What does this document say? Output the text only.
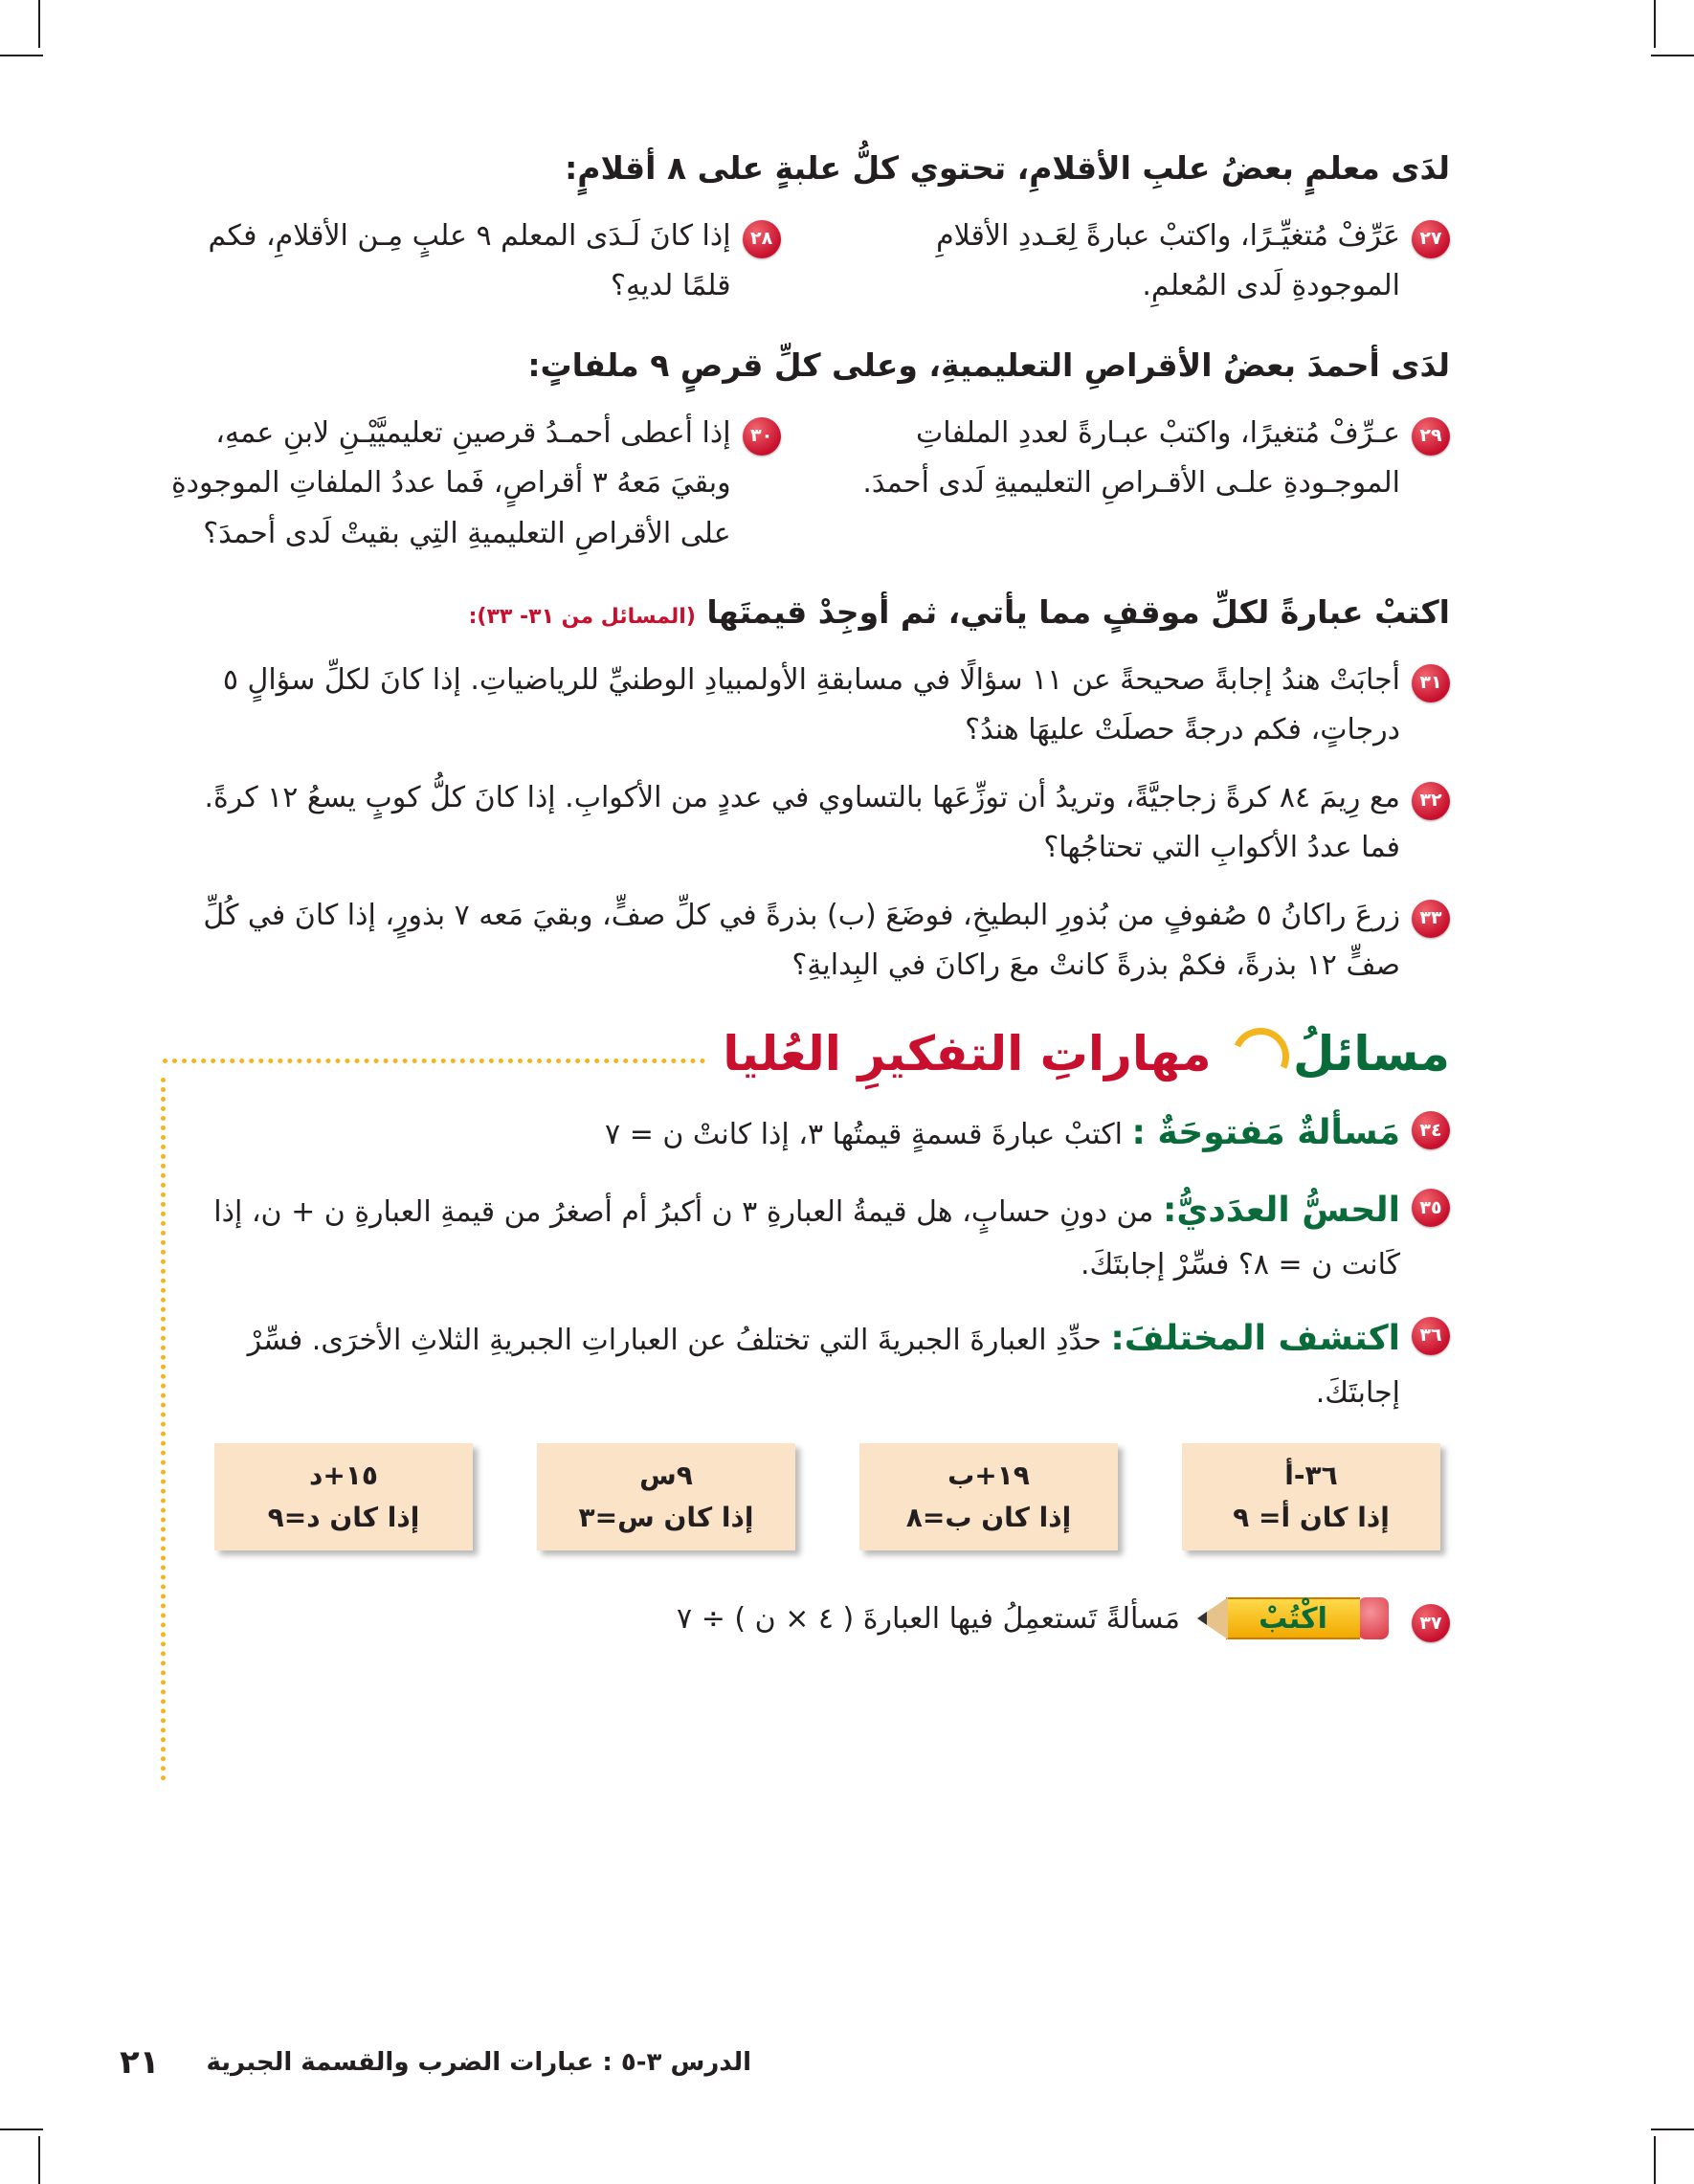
لدَى معلمٍ بعضُ علبِ الأقلامِ، تحتوي كلُّ علبةٍ على ٨ أقلامٍ:

٢٧
عَرِّفْ مُتغيِّـرًا، واكتبْ عبارةً لِعَـددِ الأقلامِ الموجودةِ لَدى المُعلمِ.
٢٨
إذا كانَ لَـدَى المعلم ٩ علبٍ مِـن الأقلامِ، فكم قلمًا لديهِ؟

لدَى أحمدَ بعضُ الأقراصِ التعليميةِ، وعلى كلِّ قرصٍ ٩ ملفاتٍ:

٢٩
عـرِّفْ مُتغيرًا، واكتبْ عبـارةً لعددِ الملفاتِ الموجـودةِ علـى الأقـراصِ التعليميةِ لَدى أحمدَ.
٣٠
إذا أعطى أحمـدُ قرصينِ تعليميَّيْـنِ لابنِ عمهِ، وبقيَ مَعهُ ٣ أقراصٍ، فَما عددُ الملفاتِ الموجودةِ على الأقراصِ التعليميةِ التِي بقيتْ لَدى أحمدَ؟

اكتبْ عبارةً لكلِّ موقفٍ مما يأتي، ثم أوجِدْ قيمتَها (المسائل من ٣١- ٣٣):

٣١
أجابَتْ هندُ إجابةً صحيحةً عن ١١ سؤالًا في مسابقةِ الأولمبيادِ الوطنيِّ للرياضياتِ. إذا كانَ لكلِّ سؤالٍ ٥ درجاتٍ، فكم درجةً حصلَتْ عليهَا هندُ؟
٣٢
مع رِيمَ ٨٤ كرةً زجاجيَّةً، وتريدُ أن توزِّعَها بالتساوي في عددٍ من الأكوابِ. إذا كانَ كلُّ كوبٍ يسعُ ١٢ كرةً. فما عددُ الأكوابِ التي تحتاجُها؟
٣٣
زرعَ راكانُ ٥ صُفوفٍ من بُذورِ البطيخِ، فوضَعَ (ب) بذرةً في كلِّ صفٍّ، وبقيَ مَعه ٧ بذورٍ، إذا كانَ في كُلِّ صفٍّ ١٢ بذرةً، فكمْ بذرةً كانتْ معَ راكانَ في البِدايةِ؟
مسائلُ مهاراتِ التفكيرِ العُليا
٣٤
مَسألةٌ مَفتوحَةٌ : اكتبْ عبارةَ قسمةٍ قيمتُها ٣، إذا كانتْ ن = ٧
٣٥
الحسُّ العدَديُّ: من دونِ حسابٍ، هل قيمةُ العبارةِ ٣ ن أكبرُ أم أصغرُ من قيمةِ العبارةِ ن + ن، إذا كَانت ن = ٨؟ فسِّرْ إجابتَكَ.
٣٦
اكتشف المختلفَ: حدِّدِ العبارةَ الجبريةَ التي تختلفُ عن العباراتِ الجبريةِ الثلاثِ الأخرَى. فسِّرْ إجابتَكَ.
٣٦-أ
إذا كان أ= ٩
١٩+ب
إذا كان ب=٨
٩س
إذا كان س=٣
١٥+د
إذا كان د=٩
٣٧
اكْتُبْ
مَسألةً تَستعمِلُ فيها العبارةَ ( ٤ × ن ) ÷ ٧
الدرس ٣-٥ : عبارات الضرب والقسمة الجبرية
٢١
